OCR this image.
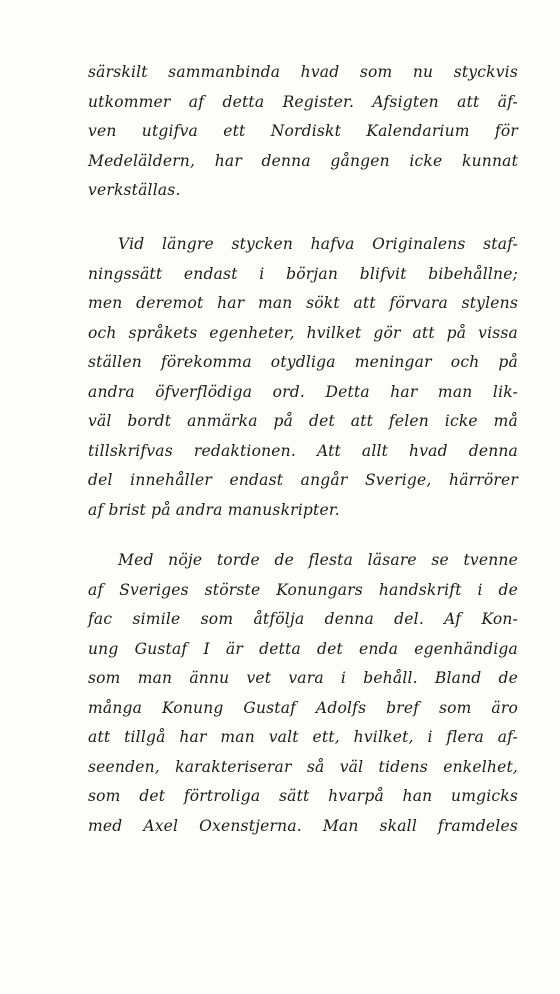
särskilt sammanbinda hvad som nu styckvis
utkommer af detta Register. Afsigten att äf-
ven utgifva ett Nordiskt Kalendarium för
Medeläldern, har denna gången icke kunnat
verkställas.
Vid längre stycken hafva Originalens staf-
ningssätt endast i början blifvit bibehållne;
men deremot har man sökt att förvara stylens
och språkets egenheter, hvilket gör att på vissa
ställen förekomma otydliga meningar och på
andra öfverflödiga ord. Detta har man lik-
väl bordt anmärka på det att felen icke må
tillskrifvas redaktionen. Att allt hvad denna
del innehåller endast angår Sverige, härrörer
af brist på andra manuskripter.
Med nöje torde de flesta läsare se tvenne
af Sveriges störste Konungars handskrift i de
fac simile som åtfölja denna del. Af Kon-
ung Gustaf I är detta det enda egenhändiga
som man ännu vet vara i behåll. Bland de
många Konung Gustaf Adolfs bref som äro
att tillgå har man valt ett, hvilket, i flera af-
seenden, karakteriserar så väl tidens enkelhet,
som det förtroliga sätt hvarpå han umgicks
med Axel Oxenstjerna. Man skall framdeles
